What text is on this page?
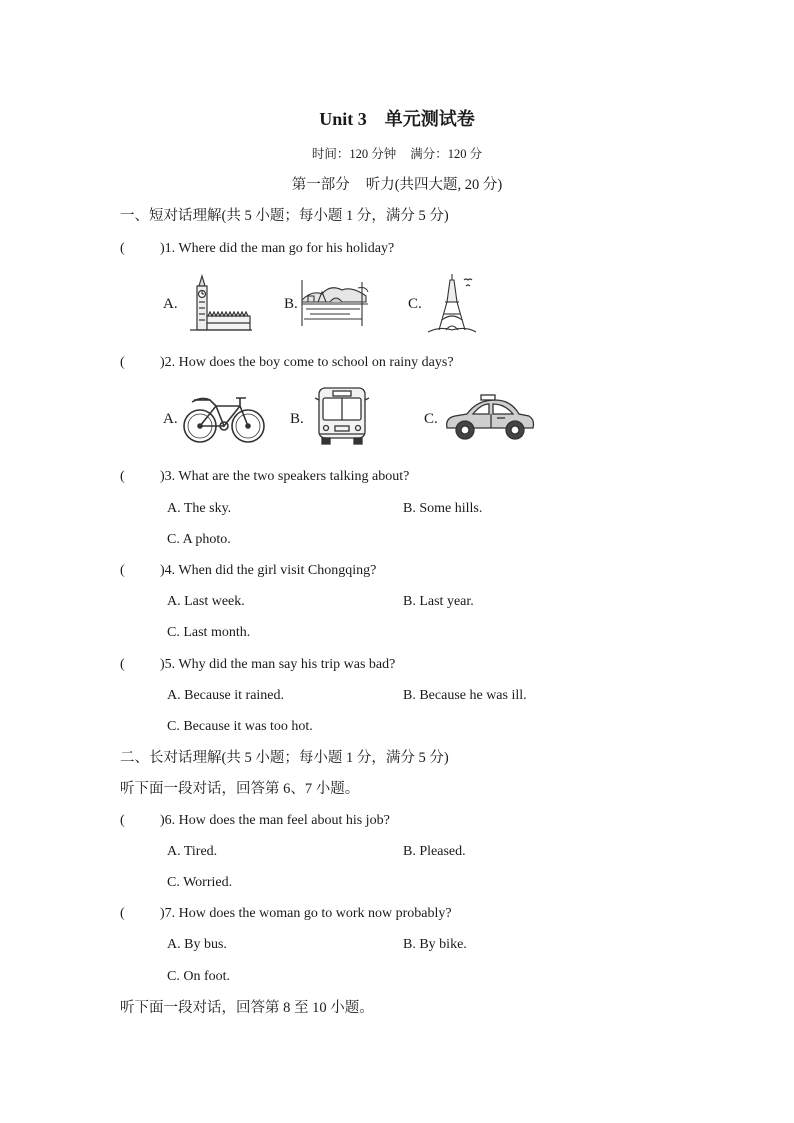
Unit 3 单元测试卷
时间：120 分钟 满分：120 分
第一部分 听力(共四大题, 20 分)
一、短对话理解(共 5 小题；每小题 1 分，满分 5 分)
(	)1. Where did the man go for his holiday?
A.	B.	C.
(	)2. How does the boy come to school on rainy days?
A.	B.	C.
(	)3. What are the two speakers talking about?
A. The sky.	B. Some hills.
C. A photo.
(	)4. When did the girl visit Chongqing?
A. Last week.	B. Last year.
C. Last month.
(	)5. Why did the man say his trip was bad?
A. Because it rained.	B. Because he was ill.
C. Because it was too hot.
二、长对话理解(共 5 小题；每小题 1 分，满分 5 分)
听下面一段对话，回答第 6、7 小题。
(	)6. How does the man feel about his job?
A. Tired.	B. Pleased.
C. Worried.
(	)7. How does the woman go to work now probably?
A. By bus.	B. By bike.
C. On foot.
听下面一段对话，回答第 8 至 10 小题。
